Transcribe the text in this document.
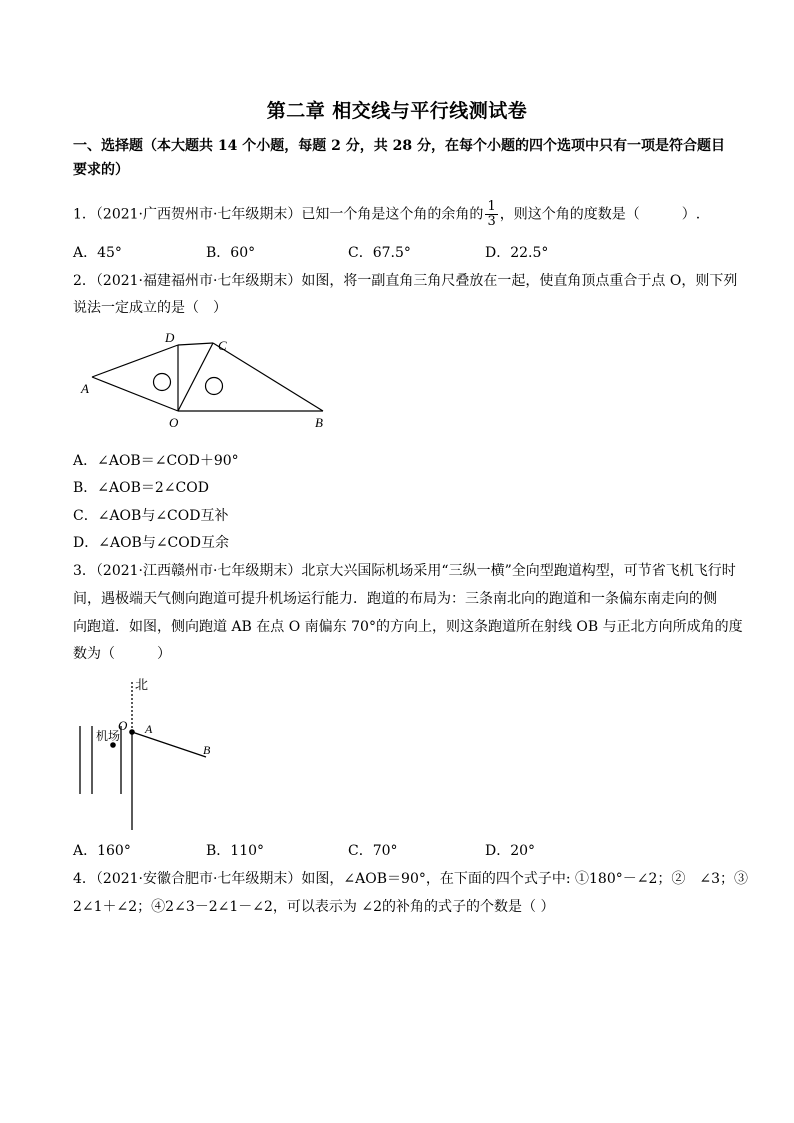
第二章 相交线与平行线测试卷
一、选择题（本大题共 14 个小题，每题 2 分，共 28 分，在每个小题的四个选项中只有一项是符合题目要求的）
1．（2021·广西贺州市·七年级期末）已知一个角是这个角的余角的 $\frac{1}{3}$ ，则这个角的度数是（　　　）.
A．45°	B．60°	C．67.5°	D．22.5°
2．（2021·福建福州市·七年级期末）如图，将一副直角三角尺叠放在一起，使直角顶点重合于点 O，则下列
说法一定成立的是（　）
A
D
C
O	B
A．∠AOB＝∠COD＋90°
B．∠AOB＝2∠COD
C．∠AOB与∠COD互补
D．∠AOB与∠COD互余
3．（2021·江西赣州市·七年级期末）北京大兴国际机场采用“三纵一横”全向型跑道构型，可节省飞机飞行时
间，遇极端天气侧向跑道可提升机场运行能力．跑道的布局为：三条南北向的跑道和一条偏东南走向的侧
向跑道．如图，侧向跑道 AB 在点 O 南偏东 70°的方向上，则这条跑道所在射线 OB 与正北方向所成角的度
数为（　　　）
北
机场
O A
B
A．160°	B．110°	C．70°	D．20°
4．（2021·安徽合肥市·七年级期末）如图，∠AOB＝90°，在下面的四个式子中: ①180°－∠2；②　∠3；③
2∠1＋∠2；④2∠3－2∠1－∠2，可以表示为 ∠2的补角的式子的个数是（ ）
